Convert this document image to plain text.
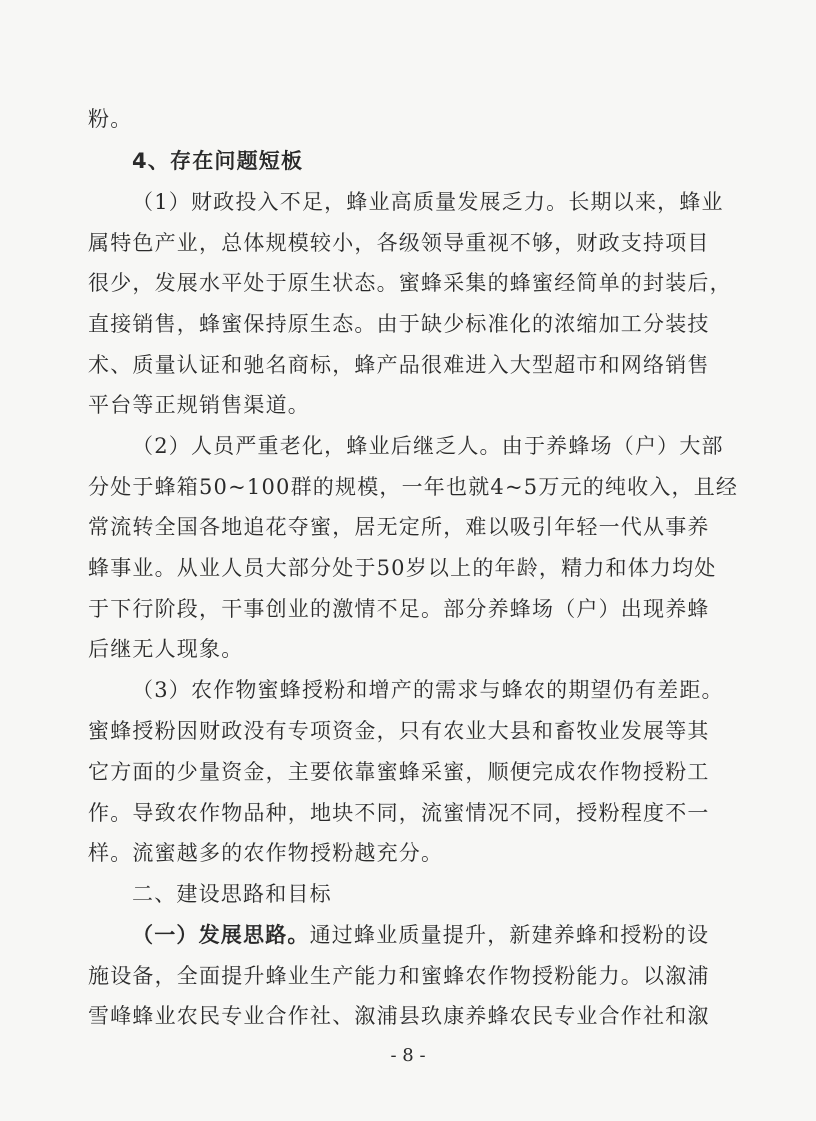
粉。
4、存在问题短板
（1）财政投入不足，蜂业高质量发展乏力。长期以来，蜂业
属特色产业，总体规模较小，各级领导重视不够，财政支持项目
很少，发展水平处于原生状态。蜜蜂采集的蜂蜜经简单的封装后，
直接销售，蜂蜜保持原生态。由于缺少标准化的浓缩加工分装技
术、质量认证和驰名商标，蜂产品很难进入大型超市和网络销售
平台等正规销售渠道。
（2）人员严重老化，蜂业后继乏人。由于养蜂场（户）大部
分处于蜂箱50~100群的规模，一年也就4~5万元的纯收入，且经
常流转全国各地追花夺蜜，居无定所，难以吸引年轻一代从事养
蜂事业。从业人员大部分处于50岁以上的年龄，精力和体力均处
于下行阶段，干事创业的激情不足。部分养蜂场（户）出现养蜂
后继无人现象。
（3）农作物蜜蜂授粉和增产的需求与蜂农的期望仍有差距。
蜜蜂授粉因财政没有专项资金，只有农业大县和畜牧业发展等其
它方面的少量资金，主要依靠蜜蜂采蜜，顺便完成农作物授粉工
作。导致农作物品种，地块不同，流蜜情况不同，授粉程度不一
样。流蜜越多的农作物授粉越充分。
二、建设思路和目标
（一）发展思路。通过蜂业质量提升，新建养蜂和授粉的设
施设备，全面提升蜂业生产能力和蜜蜂农作物授粉能力。以溆浦
雪峰蜂业农民专业合作社、溆浦县玖康养蜂农民专业合作社和溆
- 8 -
